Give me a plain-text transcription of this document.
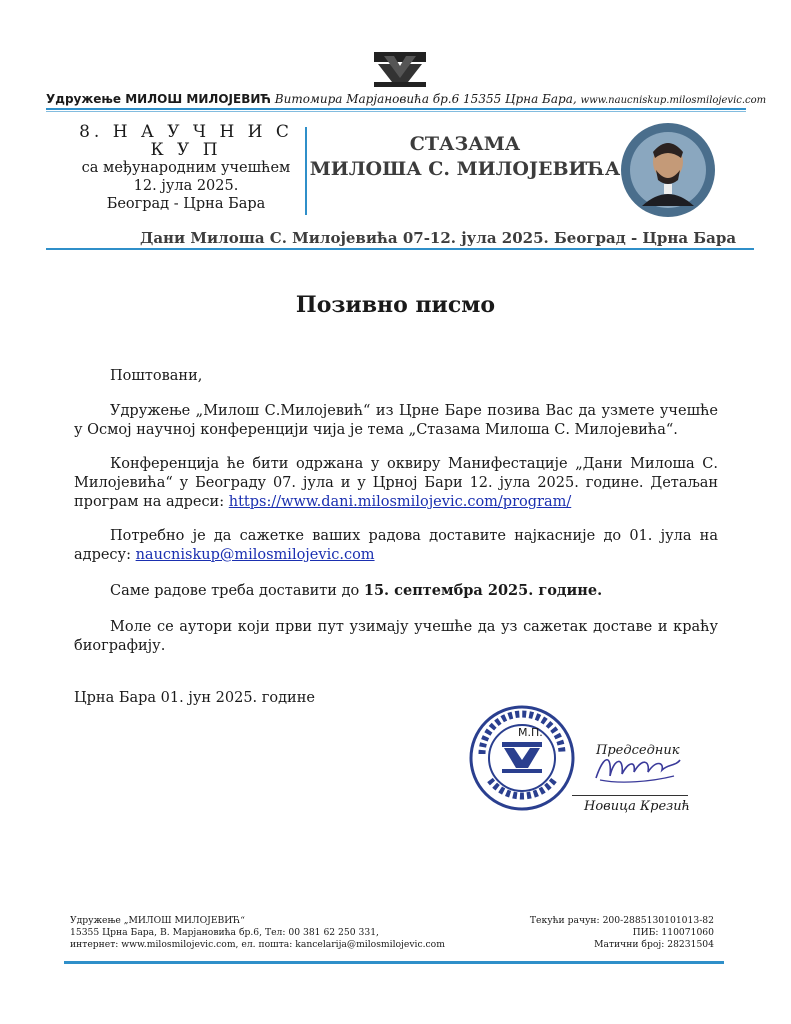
Удружење МИЛОШ МИЛОЈЕВИЋ Витомира Марјановића бр.6 15355 Црна Бара, www.naucniskup.milosmilojevic.com
8. Н А У Ч Н И С К У П
са међународним учешћем
12. јула 2025.
Београд - Црна Бара
СТАЗАМА
МИЛОША С. МИЛОЈЕВИЋА
Дани Милоша С. Милојевића 07-12. јула 2025. Београд - Црна Бара
Позивно писмо
Поштовани,
Удружење „Милош С.Милојевић“ из Црне Баре позива Вас да узмете учешће у Осмој научној конференцији чија је тема „Стазама Милоша С. Милојевића“.
Конференција ће бити одржана у оквиру Манифестације „Дани Милоша С. Милојевића“ у Београду 07. јула и у Црној Бари 12. јула 2025. године. Детаљан програм на адреси: https://www.dani.milosmilojevic.com/program/
Потребно је да сажетке ваших радова доставите најкасније до 01. јула на адресу: naucniskup@milosmilojevic.com
Саме радове треба доставити до 15. септембра 2025. године.
Моле се аутори који први пут узимају учешће да уз сажетак доставе и краћу биографију.
Црна Бара 01. јун 2025. године
М.П.
Председник
Новица Крезић
Удружење „МИЛОШ МИЛОЈЕВИЋ“
15355 Црна Бара, В. Марјановића бр.6, Тел: 00 381 62 250 331,
интернет: www.milosmilojevic.com, ел. пошта: kancelarija@milosmilojevic.com
Текући рачун: 200-2885130101013-82
ПИБ: 110071060
Матични број: 28231504
